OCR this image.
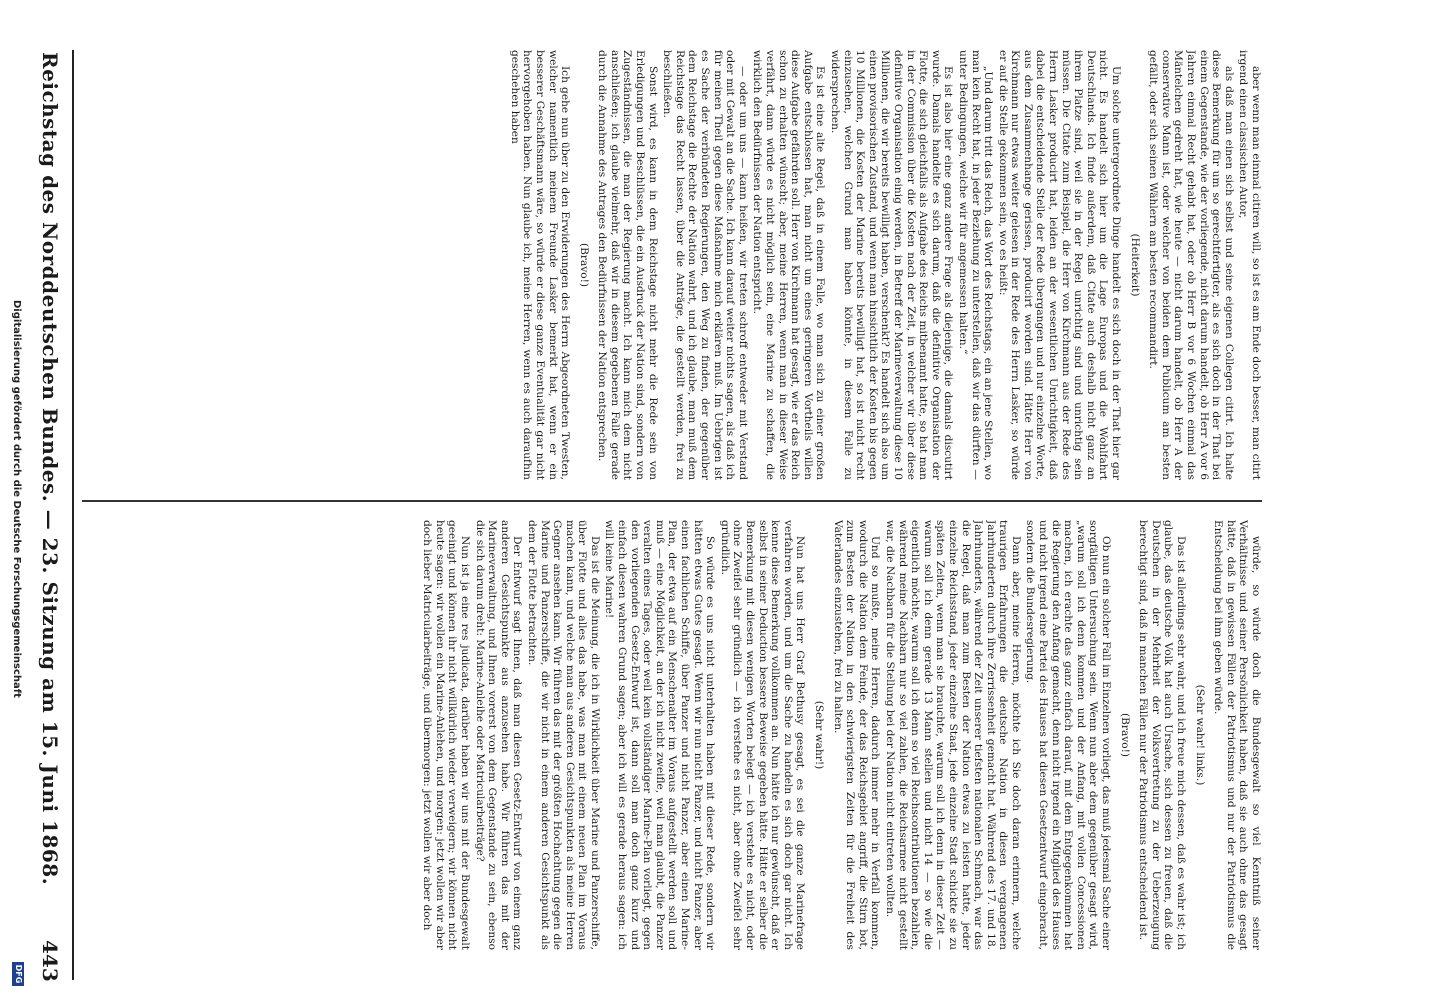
Reichstag des Norddeutschen Bundes. — 23. Sitzung am 15. Juni 1868.
443

aber wenn man einmal citiren will, so ist es am Ende doch besser, man citirt irgend einen classischen Autor,

als daß man einen sich selbst und seine eigenen Collegen citirt. Ich halte diese Bemerkung für um so gerechtfertigter, als es sich doch in der That bei einem Gegenstande, wie der vorliegende, nicht darum handelt, ob Herr A vor 6 Jahren einmal Recht gehabt hat, oder ob Herr B vor 6 Wochen einmal das Mäntelchen gedreht hat, wie heute — nicht darum handelt, ob Herr A der conservative Mann ist, oder welcher von beiden dem Publicum am besten gefällt, oder sich seinen Wählern am besten recommandirt.

(Heiterkeit)

Um solche untergeordnete Dinge handelt es sich doch in der That hier gar nicht. Es handelt sich hier um die Lage Europas und die Wohlfahrt Deutschlands. Ich finde außerdem, daß Citate auch deshalb nicht ganz an ihrem Platze sind, weil sie in der Regel unrichtig sind und unrichtig sein müssen. Die Citate zum Beispiel, die Herr von Kirchmann aus der Rede des Herrn Lasker producirt hat, leiden an der wesentlichen Unrichtigkeit, daß dabei die entscheidende Stelle der Rede übergangen und nur einzelne Worte, aus dem Zusammenhange gerissen, producirt worden sind. Hätte Herr von Kirchmann nur etwas weiter gelesen in der Rede des Herrn Lasker, so würde er auf die Stelle gekommen sein, wo es heißt:

„Und darum tritt das Reich, das Wort des Reichstags, ein an jene Stellen, wo man kein Recht hat, in jeder Beziehung zu unterstellen, daß wir das dürften — unter Bedingungen, welche wir für angemessen halten.“

Es ist also hier eine ganz andere Frage als diejenige, die damals discutirt wurde. Damals handelte es sich darum, daß die definitive Organisation der Flotte, die sich gleichfalls als Aufgabe des Reichs mitbenannt hatte, so hat man in der Commission über die Kosten nach der Zeit, in welcher wir über diese definitive Organisation einig werden, in Betreff der Marineverwaltung diese 10 Millionen, die wir bereits bewilligt haben, verschenkt? Es handelt sich also um einen provisorischen Zustand, und wenn man hinsichtlich der Kosten bis gegen 10 Millionen, die Kosten der Marine bereits bewilligt hat, so ist nicht recht einzusehen, welchen Grund man haben könnte, in diesem Falle zu widersprechen.

Es ist eine alte Regel, daß in einem Falle, wo man sich zu einer großen Aufgabe entschlossen hat, man nicht um eines geringeren Vortheils willen diese Aufgabe gefährden soll. Herr von Kirchmann hat gesagt, wie er das Reich schon zu erhalten wünscht; aber, meine Herren, wenn man in dieser Weise verfährt, dann würde es nicht möglich sein, eine Marine zu schaffen, die wirklich den Bedürfnissen der Nation entspricht.

— oder um uns — kann heißen, wir treten schroff entweder mit Verstand oder mit Gewalt an die Sache. Ich kann darauf weiter nichts sagen, als daß ich für meinen Theil gegen diese Maßnahme mich erklären muß. Im Uebrigen ist es Sache der verbündeten Regierungen, den Weg zu finden, der gegenüber dem Reichstage die Rechte der Nation wahrt, und ich glaube, man muß dem Reichstage das Recht lassen, über die Anträge, die gestellt werden, frei zu beschließen.

Sonst wird, es kann in dem Reichstage nicht mehr die Rede sein von Erledigungen und Beschlüssen, die ein Ausdruck der Nation sind, sondern von Zugeständnissen, die man der Regierung macht. Ich kann mich dem nicht anschließen; ich glaube vielmehr, daß wir in diesem gegebenen Falle gerade durch die Annahme des Antrages den Bedürfnissen der Nation entsprechen.

(Bravo!)

Ich gehe nun über zu den Erwiderungen des Herrn Abgeordneten Twesten, welcher namentlich meinem Freunde Lasker bemerkt hat, wenn er ein besserer Geschäftsmann wäre, so würde er diese ganze Eventualität gar nicht hervorgehoben haben. Nun glaube ich, meine Herren, wenn es auch daraufhin geschehen haben

würde, so würde doch die Bundesgewalt so viel Kenntniß seiner Verhältnisse und seiner Persönlichkeit haben, daß sie auch ohne das gesagt hätte, daß in gewissen Fällen der Patriotismus und nur der Patriotismus die Entscheidung bei ihm geben würde.

(Sehr wahr! links.)

Das ist allerdings sehr wahr, und ich freue mich dessen, daß es wahr ist; ich glaube, das deutsche Volk hat auch Ursache, sich dessen zu freuen, daß die Deutschen in der Mehrheit der Volksvertretung zu der Ueberzeugung berechtigt sind, daß in manchen Fällen nur der Patriotismus entscheidend ist.

(Bravo!)

Ob nun ein solcher Fall im Einzelnen vorliegt, das muß jedesmal Sache einer sorgfältigen Untersuchung sein. Wenn nun aber dem gegenüber gesagt wird, „warum soll ich denn kommen und der Anfang, mit vollen Concessionen machen, ich erachte das ganz einfach darauf, mit dem Entgegenkommen hat die Regierung den Anfang gemacht, denn nicht irgend ein Mitglied des Hauses und nicht irgend eine Partei des Hauses hat diesen Gesetzentwurf eingebracht, sondern die Bundesregierung.

Dann aber, meine Herren, möchte ich Sie doch daran erinnern, welche traurigen Erfahrungen die deutsche Nation in diesen vergangenen Jahrhunderten durch ihre Zerrissenheit gemacht hat. Während des 17. und 18. Jahrhunderts, während der Zeit unserer tiefsten nationalen Schmach, war das die Regel, daß man zum Besten der Nation etwas zu leisten hatte, jeder einzelne Reichsstand, jeder einzelne Staat, jede einzelne Stadt schickte sie zu späten Zeiten, wenn man sie brauchte, warum soll ich denn in dieser Zeit — warum soll ich denn gerade 13 Mann stellen und nicht 14 — so wie die eigentlich möchte, warum soll ich denn so viel Reichscontributionen bezahlen, während meine Nachbarn nur so viel zahlen, die Reichsarmee nicht gestellt war, die Nachbarn für die Stellung bei der Nation nicht eintreten wollten.

Und so mußte, meine Herren, dadurch immer mehr in Verfall kommen, wodurch die Nation dem Feinde, der das Reichsgebiet angriff, die Stirn bot, zum Besten der Nation in den schwierigsten Zeiten für die Freiheit des Vaterlandes einzustehen, frei zu halten.

(Sehr wahr!)

Nun hat uns Herr Graf Bethusy gesagt, es sei die ganze Marinefrage verfahren worden, und um die Sache zu handeln es sich doch gar nicht. Ich kenne diese Bemerkung vollkommen an. Nun hätte ich nur gewünscht, daß er selbst in seiner Deduction bessere Beweise gegeben hätte. Hätte er selber die Bemerkung mit diesen wenigen Worten belegt — ich verstehe es nicht, oder ohne Zweifel sehr gründlich — ich verstehe es nicht, aber ohne Zweifel sehr gründlich.

So würde es uns nicht unterhalten haben mit dieser Rede, sondern wir hätten etwas Gutes gesagt. Wenn wir nun nicht Panzer, und nicht Panzer, aber einen fachlichen Schiffe, über Panzer und nicht Panzer, aber einen Marine-Plan, der etwa auf ein Menschenalter im Voraus aufgestellt werden soll und muß — eine Möglichkeit, an der ich nicht zweifle, weil man glaubt, die Panzer veralten eines Tages, oder weil kein vollständiger Marine-Plan vorliegt, gegen den vorliegenden Gesetz-Entwurf ist, dann soll man doch ganz kurz und einfach diesen wahren Grund sagen; aber ich will es gerade heraus sagen: ich will keine Marine!

Das ist die Meinung, die ich in Wirklichkeit über Marine und Panzerschiffe, über Flotte und alles das habe, was man mit einem neuen Plan im Voraus machen kann, und welche man aus anderen Gesichtspunkten als meine Herren Gegner ansehen kann. Wir führen das mit der größten Hochachtung gegen die Marine und Panzerschiffe, die wir nicht in einem anderen Gesichtspunkt als dem der Flotte betrachten.

Der Entwurf sagt Ihnen, daß man diesen Gesetz-Entwurf von einem ganz anderen Gesichtspunkte aus anzusehen habe. Wir führen das mit der Marineverwaltung, und Ihnen vorerst von dem Gegenstande zu sein, ebenso die sich darum dreht: Marine-Anleihe oder Matricularbeiträge?

Nun ist ja eine res judicata, darüber haben wir uns mit der Bundesgewalt geeinigt und können ihr nicht willkürlich wieder verweigern; wir können nicht heute sagen: wir wollen ein Marine-Anlehen, und morgen: jetzt wollen wir aber doch lieber Matricularbeiträge, und übermorgen: jetzt wollen wir aber doch

Digitalisierung gefördert durch die Deutsche Forschungsgemeinschaft
DFG
